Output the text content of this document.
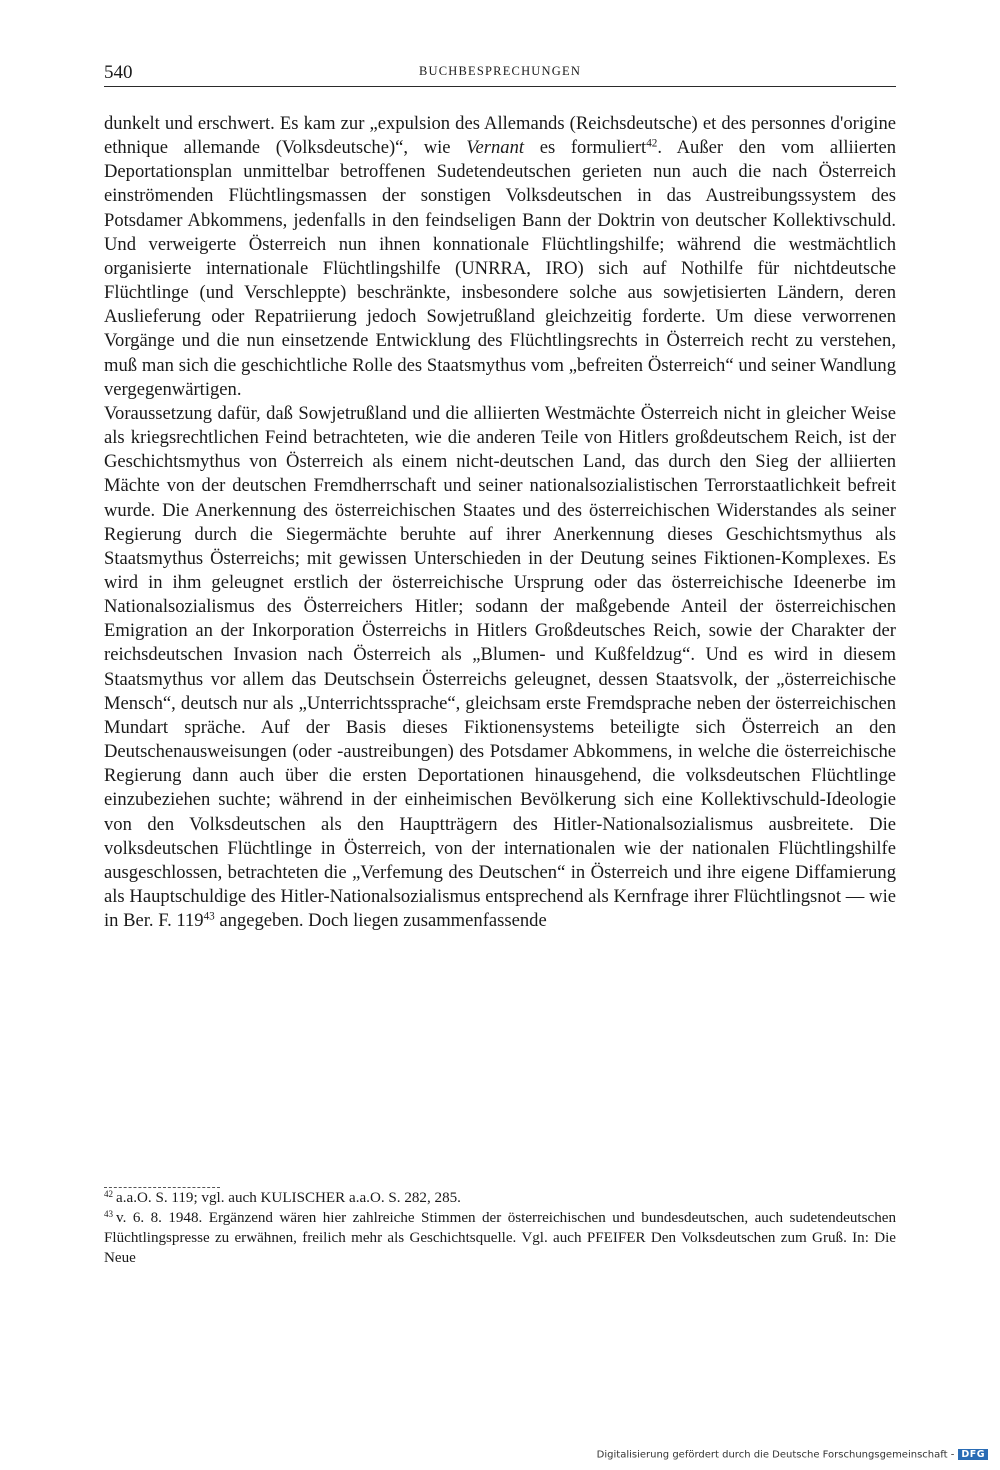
540	BUCHBESPRECHUNGEN

dunkelt und erschwert. Es kam zur „expulsion des Allemands (Reichsdeutsche) et des personnes d'origine ethnique allemande (Volksdeutsche)“, wie Vernant es formuliert$^{42}$. Außer den vom alliierten Deportationsplan unmittelbar betroffenen Sudetendeutschen gerieten nun auch die nach Österreich einströmenden Flüchtlingsmassen der sonstigen Volksdeutschen in das Austreibungssystem des Potsdamer Abkommens, jedenfalls in den feindseligen Bann der Doktrin von deutscher Kollektivschuld. Und verweigerte Österreich nun ihnen konnationale Flüchtlingshilfe; während die westmächtlich organisierte internationale Flüchtlingshilfe (UNRRA, IRO) sich auf Nothilfe für nichtdeutsche Flüchtlinge (und Verschleppte) beschränkte, insbesondere solche aus sowjetisierten Ländern, deren Auslieferung oder Repatriierung jedoch Sowjetrußland gleichzeitig forderte. Um diese verworrenen Vorgänge und die nun einsetzende Entwicklung des Flüchtlingsrechts in Österreich recht zu verstehen, muß man sich die geschichtliche Rolle des Staatsmythus vom „befreiten Österreich“ und seiner Wandlung vergegenwärtigen.

Voraussetzung dafür, daß Sowjetrußland und die alliierten Westmächte Österreich nicht in gleicher Weise als kriegsrechtlichen Feind betrachteten, wie die anderen Teile von Hitlers großdeutschem Reich, ist der Geschichtsmythus von Österreich als einem nicht-deutschen Land, das durch den Sieg der alliierten Mächte von der deutschen Fremdherrschaft und seiner nationalsozialistischen Terrorstaatlichkeit befreit wurde. Die Anerkennung des österreichischen Staates und des österreichischen Widerstandes als seiner Regierung durch die Siegermächte beruhte auf ihrer Anerkennung dieses Geschichtsmythus als Staatsmythus Österreichs; mit gewissen Unterschieden in der Deutung seines Fiktionen-Komplexes. Es wird in ihm geleugnet erstlich der österreichische Ursprung oder das österreichische Ideenerbe im Nationalsozialismus des Österreichers Hitler; sodann der maßgebende Anteil der österreichischen Emigration an der Inkorporation Österreichs in Hitlers Großdeutsches Reich, sowie der Charakter der reichsdeutschen Invasion nach Österreich als „Blumen- und Kußfeldzug“. Und es wird in diesem Staatsmythus vor allem das Deutschsein Österreichs geleugnet, dessen Staatsvolk, der „österreichische Mensch“, deutsch nur als „Unterrichtssprache“, gleichsam erste Fremdsprache neben der österreichischen Mundart spräche. Auf der Basis dieses Fiktionensystems beteiligte sich Österreich an den Deutschenausweisungen (oder -austreibungen) des Potsdamer Abkommens, in welche die österreichische Regierung dann auch über die ersten Deportationen hinausgehend, die volksdeutschen Flüchtlinge einzubeziehen suchte; während in der einheimischen Bevölkerung sich eine Kollektivschuld-Ideologie von den Volksdeutschen als den Hauptträgern des Hitler-Nationalsozialismus ausbreitete. Die volksdeutschen Flüchtlinge in Österreich, von der internationalen wie der nationalen Flüchtlingshilfe ausgeschlossen, betrachteten die „Verfemung des Deutschen“ in Österreich und ihre eigene Diffamierung als Hauptschuldige des Hitler-Nationalsozialismus entsprechend als Kernfrage ihrer Flüchtlingsnot — wie in Ber. F. $119^{43}$ angegeben. Doch liegen zusammenfassende

$^{42}$ a.a.O. S. 119; vgl. auch KULISCHER a.a.O. S. 282, 285.

$^{43}$ v. 6. 8. 1948. Ergänzend wären hier zahlreiche Stimmen der österreichischen und bundesdeutschen, auch sudetendeutschen Flüchtlingspresse zu erwähnen, freilich mehr als Geschichtsquelle. Vgl. auch PFEIFER Den Volksdeutschen zum Gruß. In: Die Neue

Digitalisierung gefördert durch die Deutsche Forschungsgemeinschaft - DFG
